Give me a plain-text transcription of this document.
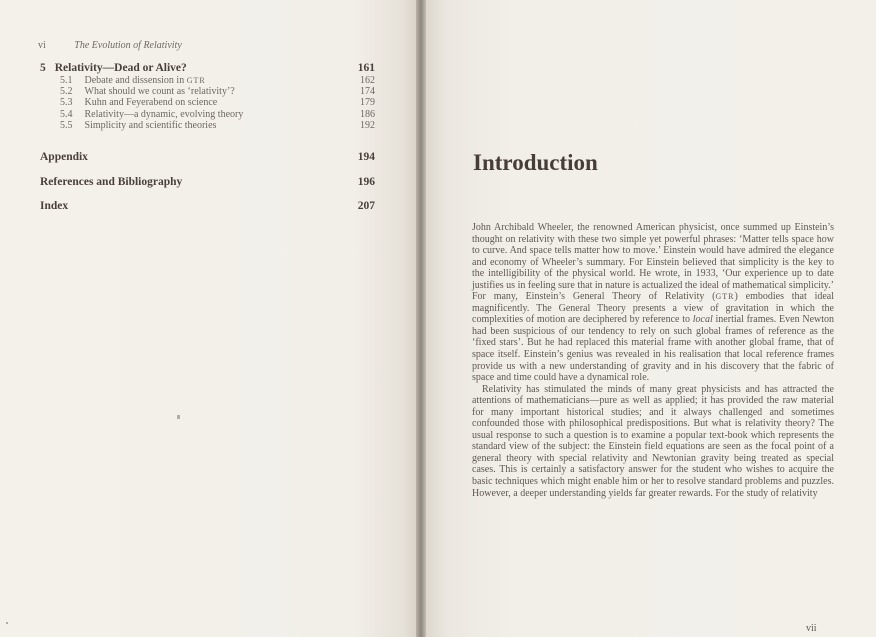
vi	The Evolution of Relativity
5 Relativity—Dead or Alive?	161
5.1 Debate and dissension in GTR	162
5.2 What should we count as ‘relativity’?	174
5.3 Kuhn and Feyerabend on science	179
5.4 Relativity—a dynamic, evolving theory	186
5.5 Simplicity and scientific theories	192
Appendix	194
References and Bibliography	196
Index	207
Introduction

John Archibald Wheeler, the renowned American physicist, once summed up Einstein’s thought on relativity with these two simple yet powerful phrases: ‘Matter tells space how to curve. And space tells matter how to move.’ Einstein would have admired the elegance and economy of Wheeler’s summary. For Einstein believed that simplicity is the key to the intelligibility of the physical world. He wrote, in 1933, ‘Our experience up to date justifies us in feeling sure that in nature is actualized the ideal of mathematical simplicity.’ For many, Einstein’s General Theory of Relativity (GTR) embodies that ideal magnificently. The General Theory presents a view of gravitation in which the complexities of motion are deciphered by reference to local inertial frames. Even Newton had been suspicious of our tendency to rely on such global frames of reference as the ‘fixed stars’. But he had replaced this material frame with another global frame, that of space itself. Einstein’s genius was revealed in his realisation that local reference frames provide us with a new understanding of gravity and in his discovery that the fabric of space and time could have a dynamical role.

Relativity has stimulated the minds of many great physicists and has attracted the attentions of mathematicians—pure as well as applied; it has provided the raw material for many important historical studies; and it always challenged and sometimes confounded those with philosophical predispositions. But what is relativity theory? The usual response to such a question is to examine a popular text-book which represents the standard view of the subject: the Einstein field equations are seen as the focal point of a general theory with special relativity and Newtonian gravity being treated as special cases. This is certainly a satisfactory answer for the student who wishes to acquire the basic techniques which might enable him or her to resolve standard problems and puzzles. However, a deeper understanding yields far greater rewards. For the study of relativity

vii
